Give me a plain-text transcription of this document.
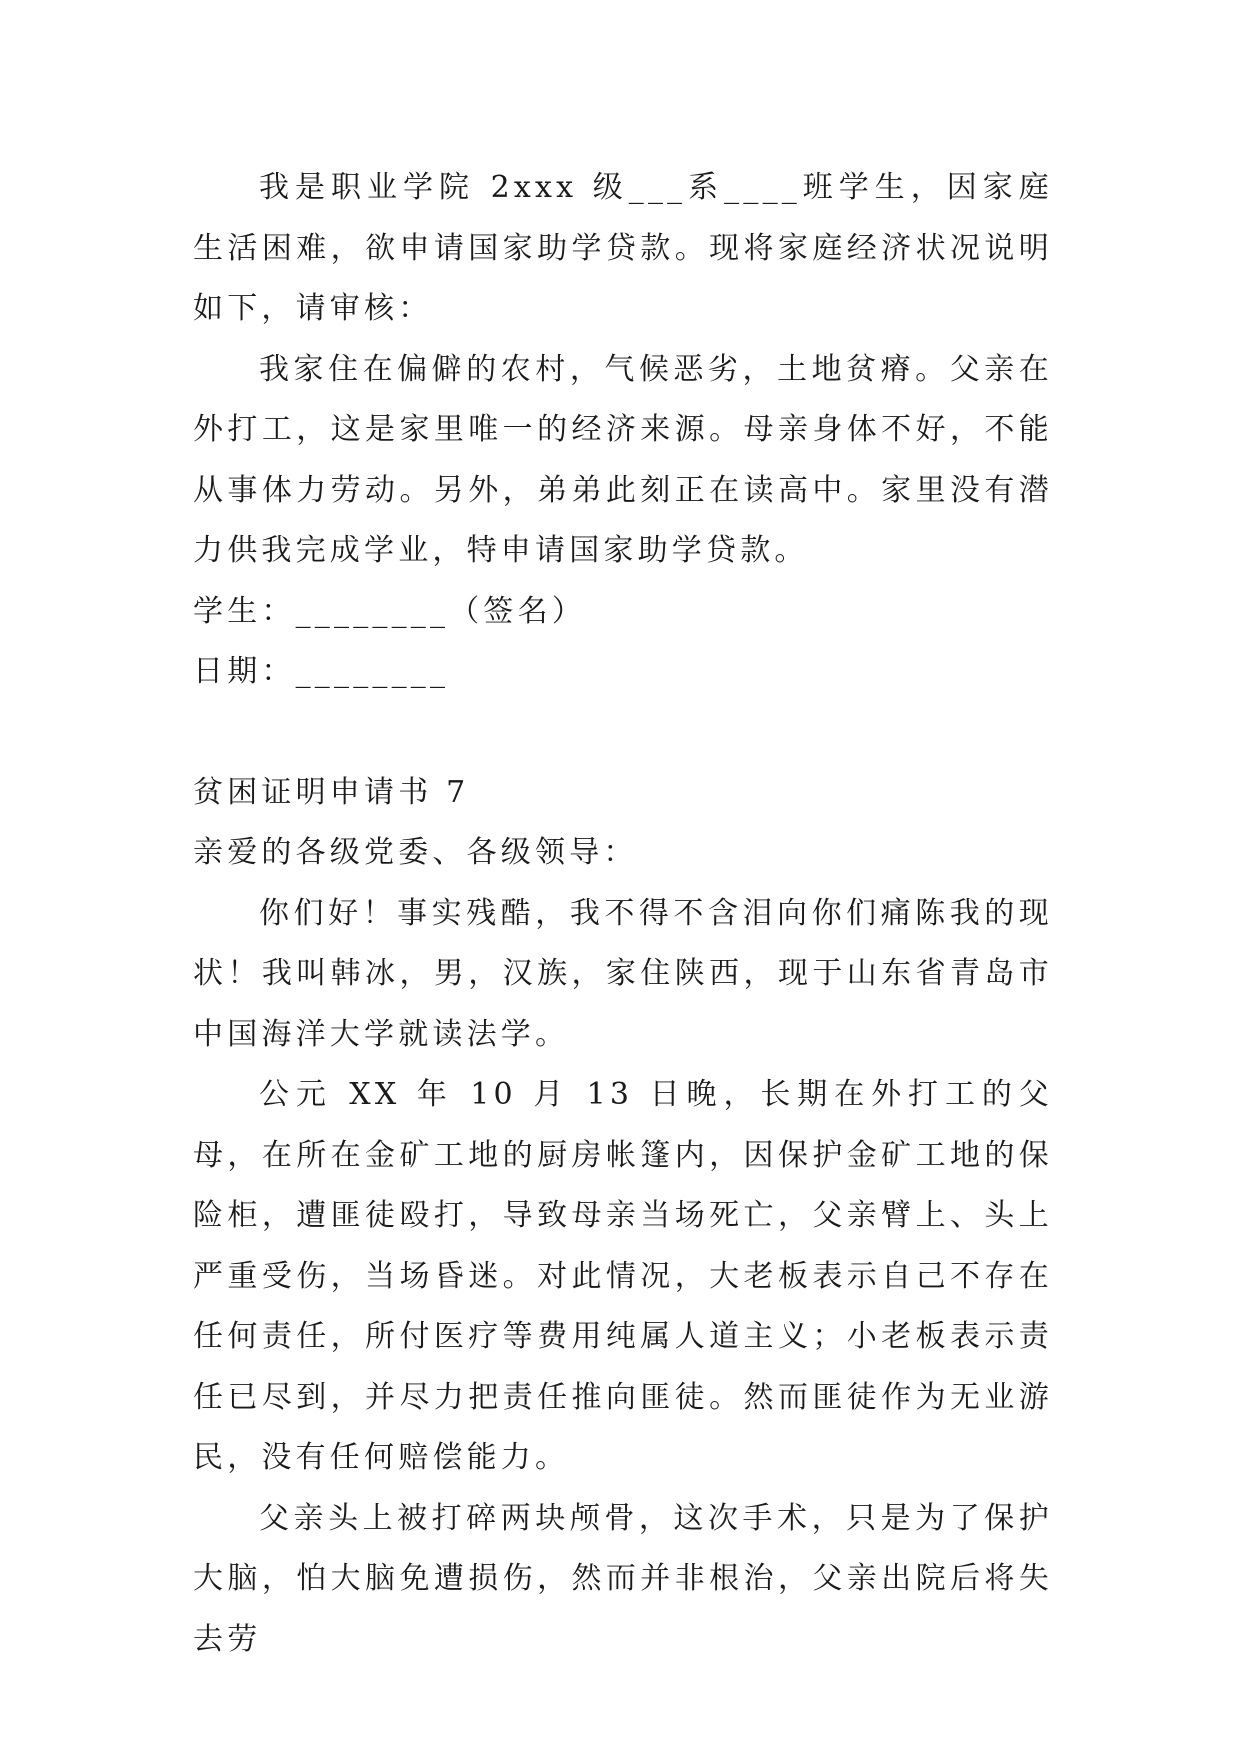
我是职业学院 2xxx 级___系____班学生，因家庭生活困难，欲申请国家助学贷款。现将家庭经济状况说明如下，请审核：

我家住在偏僻的农村，气候恶劣，土地贫瘠。父亲在外打工，这是家里唯一的经济来源。母亲身体不好，不能从事体力劳动。另外，弟弟此刻正在读高中。家里没有潜力供我完成学业，特申请国家助学贷款。

学生：________（签名）

日期：________

贫困证明申请书 7

亲爱的各级党委、各级领导：

你们好！事实残酷，我不得不含泪向你们痛陈我的现状！我叫韩冰，男，汉族，家住陕西，现于山东省青岛市中国海洋大学就读法学。

公元 XX 年 10 月 13 日晚，长期在外打工的父母，在所在金矿工地的厨房帐篷内，因保护金矿工地的保险柜，遭匪徒殴打，导致母亲当场死亡，父亲臂上、头上严重受伤，当场昏迷。对此情况，大老板表示自己不存在任何责任，所付医疗等费用纯属人道主义；小老板表示责任已尽到，并尽力把责任推向匪徒。然而匪徒作为无业游民，没有任何赔偿能力。

父亲头上被打碎两块颅骨，这次手术，只是为了保护大脑，怕大脑免遭损伤，然而并非根治，父亲出院后将失去劳
